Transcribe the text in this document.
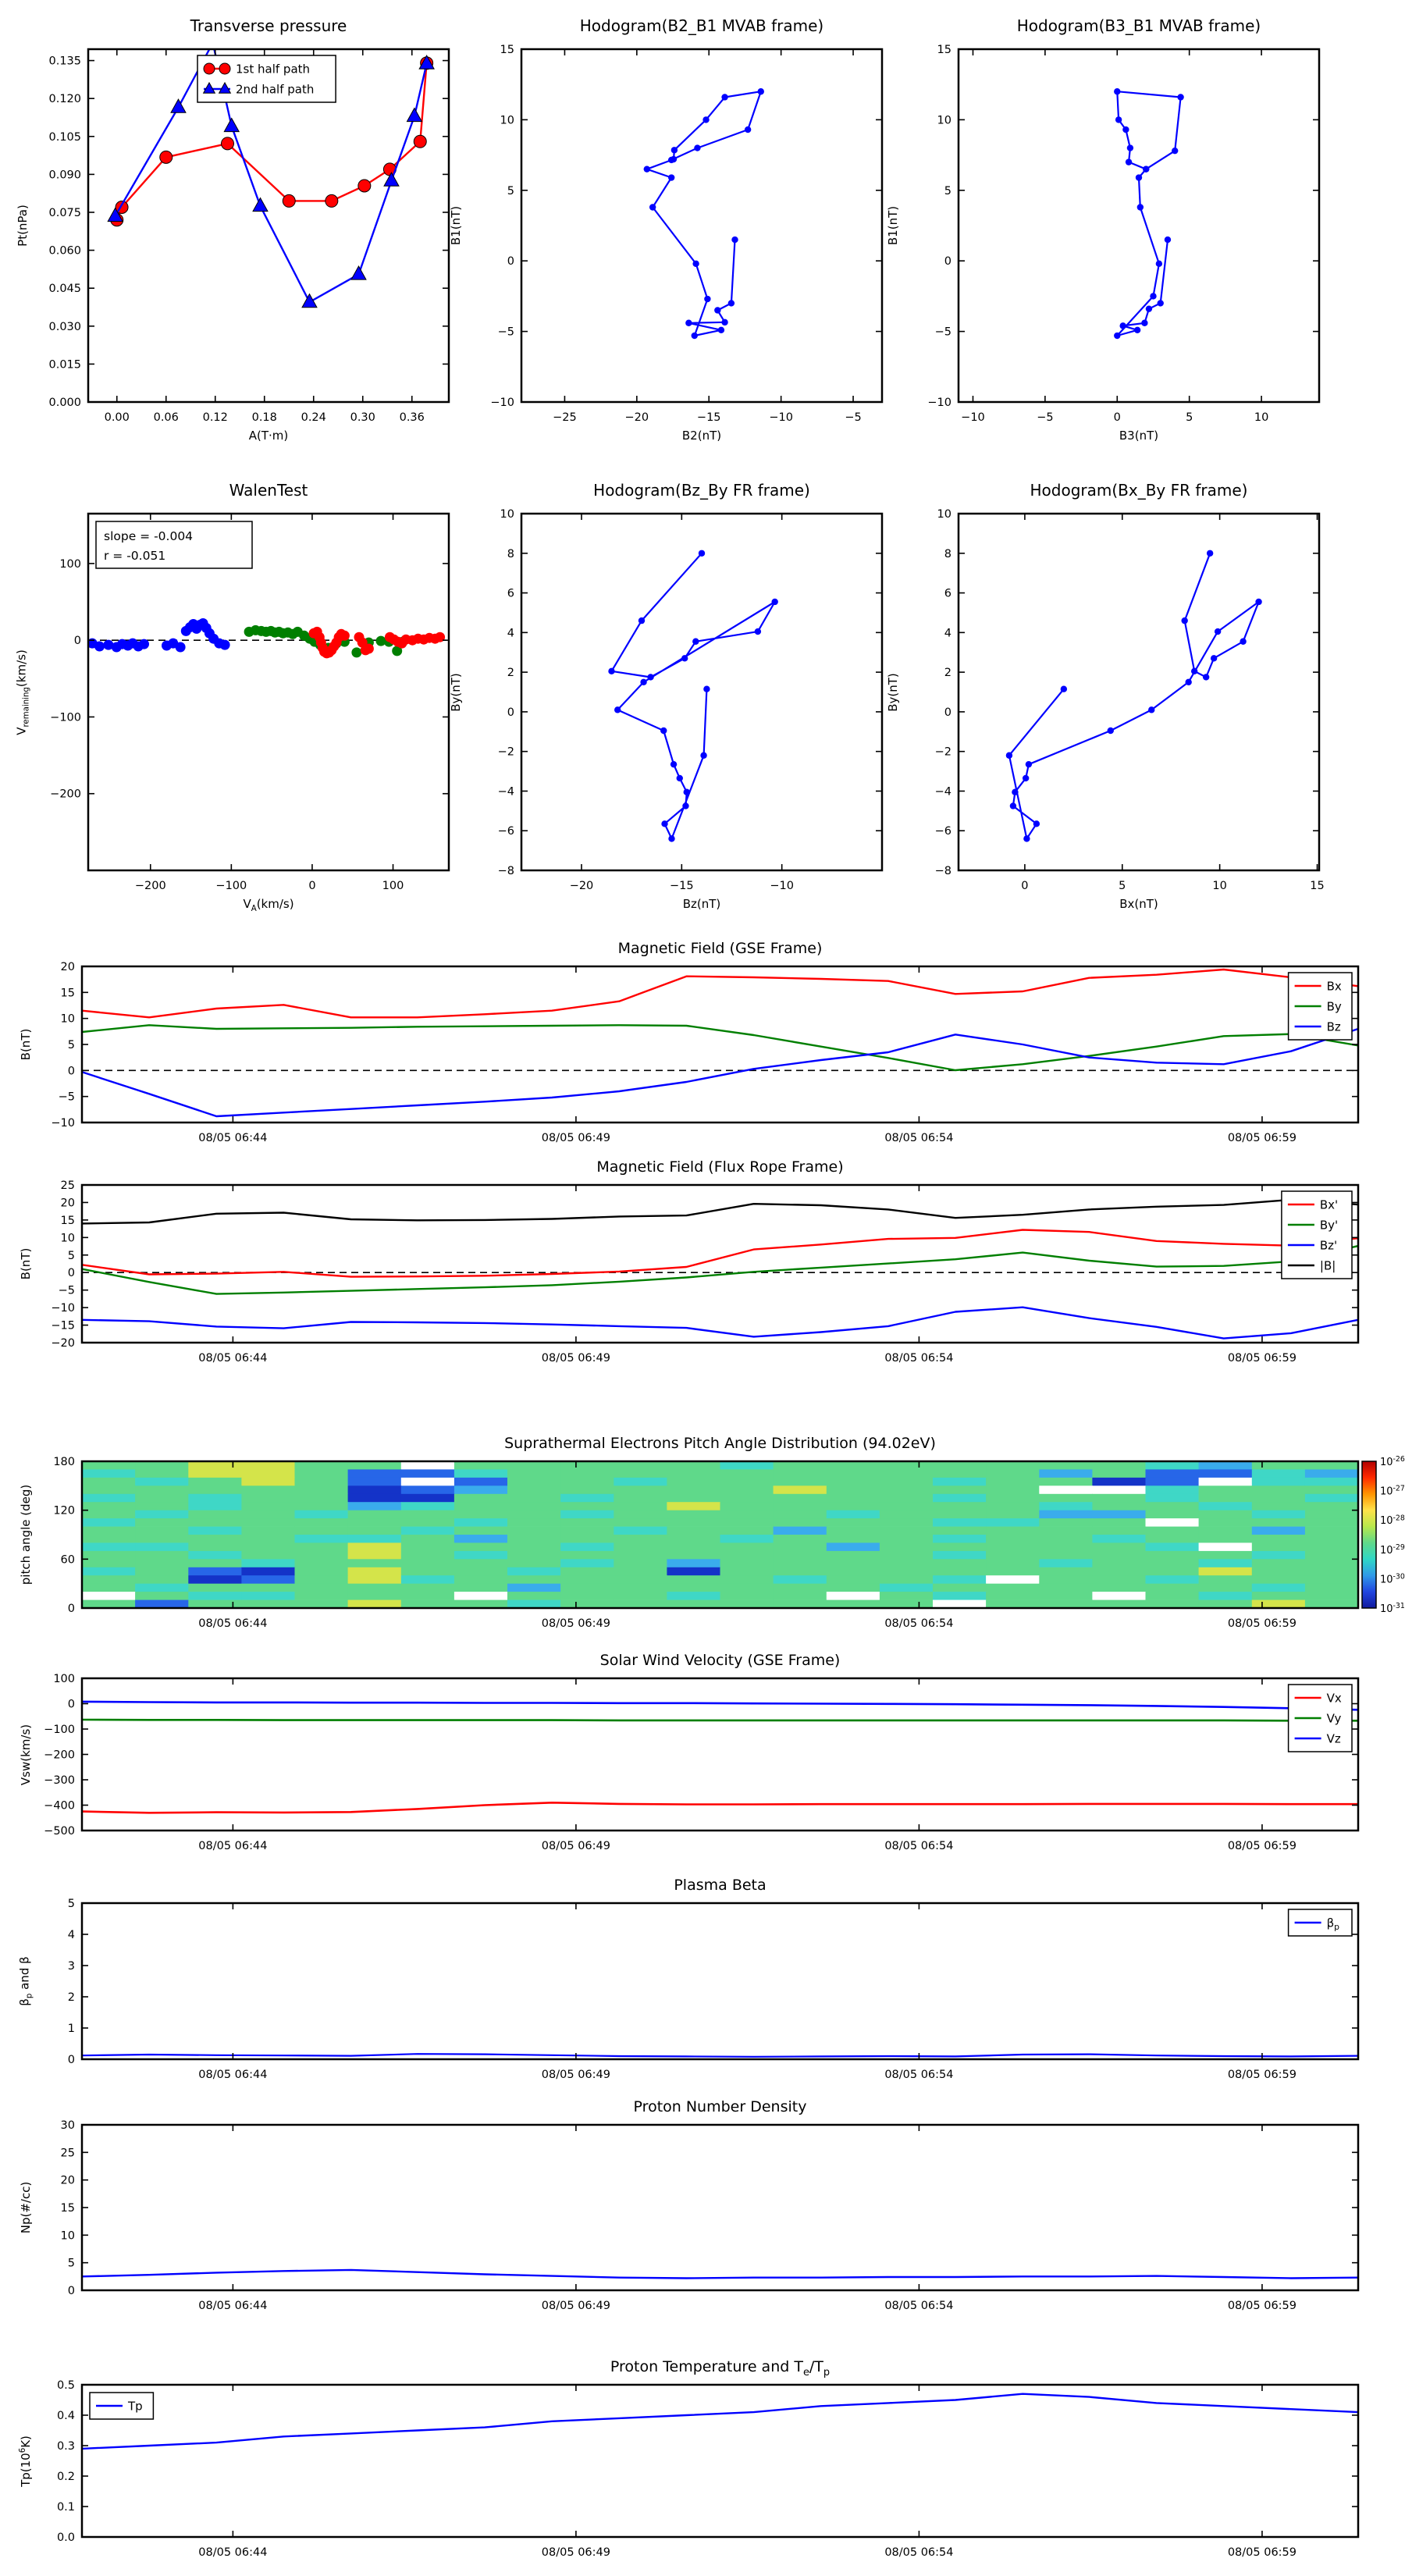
Transverse pressure
Pt(nPa)
A(T·m)
0.00 0.06 0.12 0.18 0.24 0.30 0.36
0.000
0.015
0.030
0.045
0.060
0.075
0.090
0.105
0.120
0.135
1st half path
2nd half path
Hodogram(B2_B1 MVAB frame)
B1(nT)
B2(nT)
−25	−20	−15	−10	−5
−10
−5
0
5
10
15
Hodogram(B3_B1 MVAB frame)
B1(nT)
B3(nT)
−10	−5	0	5	10
−10
−5
0
5
10
15
WalenTest
$V_{remaining}(km/s)$
$V_A(km/s)$
−200	−100	0	100
100
0
−100
−200
slope = -0.004
r = -0.051
Hodogram(Bz_By FR frame)
By(nT)
Bz(nT)
−20	−15	−10
−8
−6
−4
−2
0
2
4
6
8
10
Hodogram(Bx_By FR frame)
By(nT)
Bx(nT)
0	5	10	15
−8
−6
−4
−2
0
2
4
6
8
10
Magnetic Field (GSE Frame)
B(nT)
08/05 06:44	08/05 06:49	08/05 06:54	08/05 06:59
20
15
10
5
0
−5
−10
Bx
By
Bz
Magnetic Field (Flux Rope Frame)
B(nT)
08/05 06:44	08/05 06:49	08/05 06:54	08/05 06:59
25
20
15
10
5
0
−5
−10
−15
−20
Bx'
By'
Bz'
|B|
Suprathermal Electrons Pitch Angle Distribution (94.02eV)
pitch angle (deg)
$10^{-26}$
$10^{-27}$
$10^{-28}$
$10^{-29}$
$10^{-30}$
$10^{-31}$
08/05 06:44	08/05 06:49	08/05 06:54	08/05 06:59
0
60
120
180
Solar Wind Velocity (GSE Frame)
Vsw(km/s)
08/05 06:44	08/05 06:49	08/05 06:54	08/05 06:59
100
0
−100
−200
−300
−400
−500
Vx
Vy
Vz
Plasma Beta
$\beta_p$ and β
08/05 06:44	08/05 06:49	08/05 06:54	08/05 06:59
0
1
2
3
4
5
$\beta_p$
Proton Number Density
Np(#/cc)
08/05 06:44	08/05 06:49	08/05 06:54	08/05 06:59
0
5
10
15
20
25
30
Proton Temperature and $T_e/T_p$
$Tp(10^6K)$
08/05 06:44	08/05 06:49	08/05 06:54	08/05 06:59
0.0
0.1
0.2
0.3
0.4
0.5
Tp
